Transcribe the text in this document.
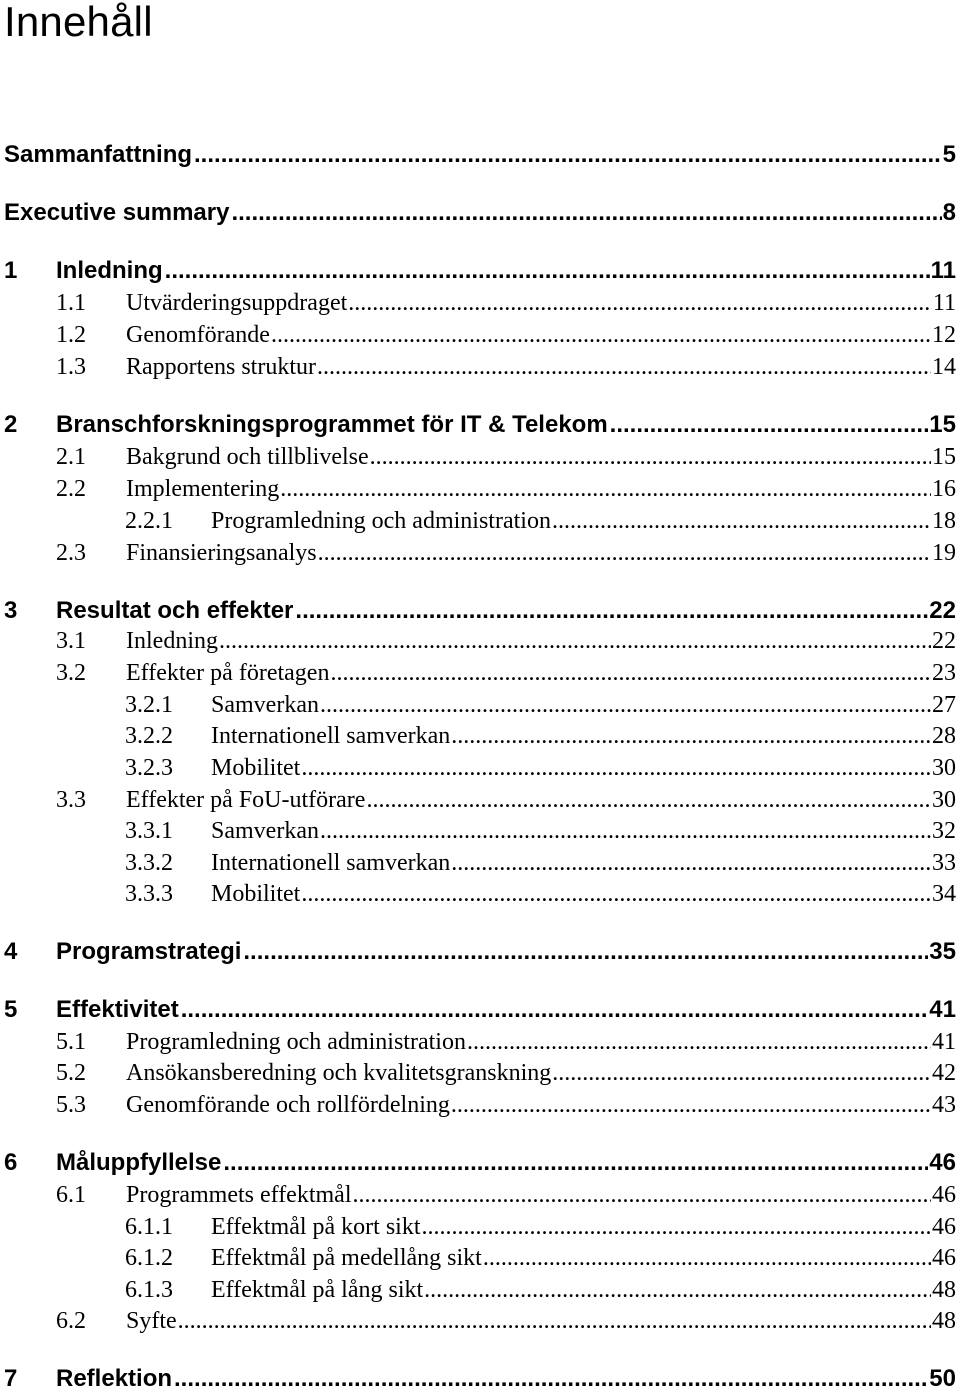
Innehåll
Sammanfattning .....	5
Executive summary .....	8
1	Inledning .....	11
1.1	Utvärderingsuppdraget .....	11
1.2	Genomförande .....	12
1.3	Rapportens struktur .....	14
2	Branschforskningsprogrammet för IT & Telekom .....	15
2.1	Bakgrund och tillblivelse .....	15
2.2	Implementering .....	16
2.2.1	Programledning och administration .....	18
2.3	Finansieringsanalys .....	19
3	Resultat och effekter .....	22
3.1	Inledning .....	22
3.2	Effekter på företagen .....	23
3.2.1	Samverkan .....	27
3.2.2	Internationell samverkan .....	28
3.2.3	Mobilitet .....	30
3.3	Effekter på FoU-utförare .....	30
3.3.1	Samverkan .....	32
3.3.2	Internationell samverkan .....	33
3.3.3	Mobilitet .....	34
4	Programstrategi .....	35
5	Effektivitet .....	41
5.1	Programledning och administration .....	41
5.2	Ansökansberedning och kvalitetsgranskning .....	42
5.3	Genomförande och rollfördelning .....	43
6	Måluppfyllelse .....	46
6.1	Programmets effektmål .....	46
6.1.1	Effektmål på kort sikt .....	46
6.1.2	Effektmål på medellång sikt .....	46
6.1.3	Effektmål på lång sikt .....	48
6.2	Syfte .....	48
7	Reflektion .....	50
